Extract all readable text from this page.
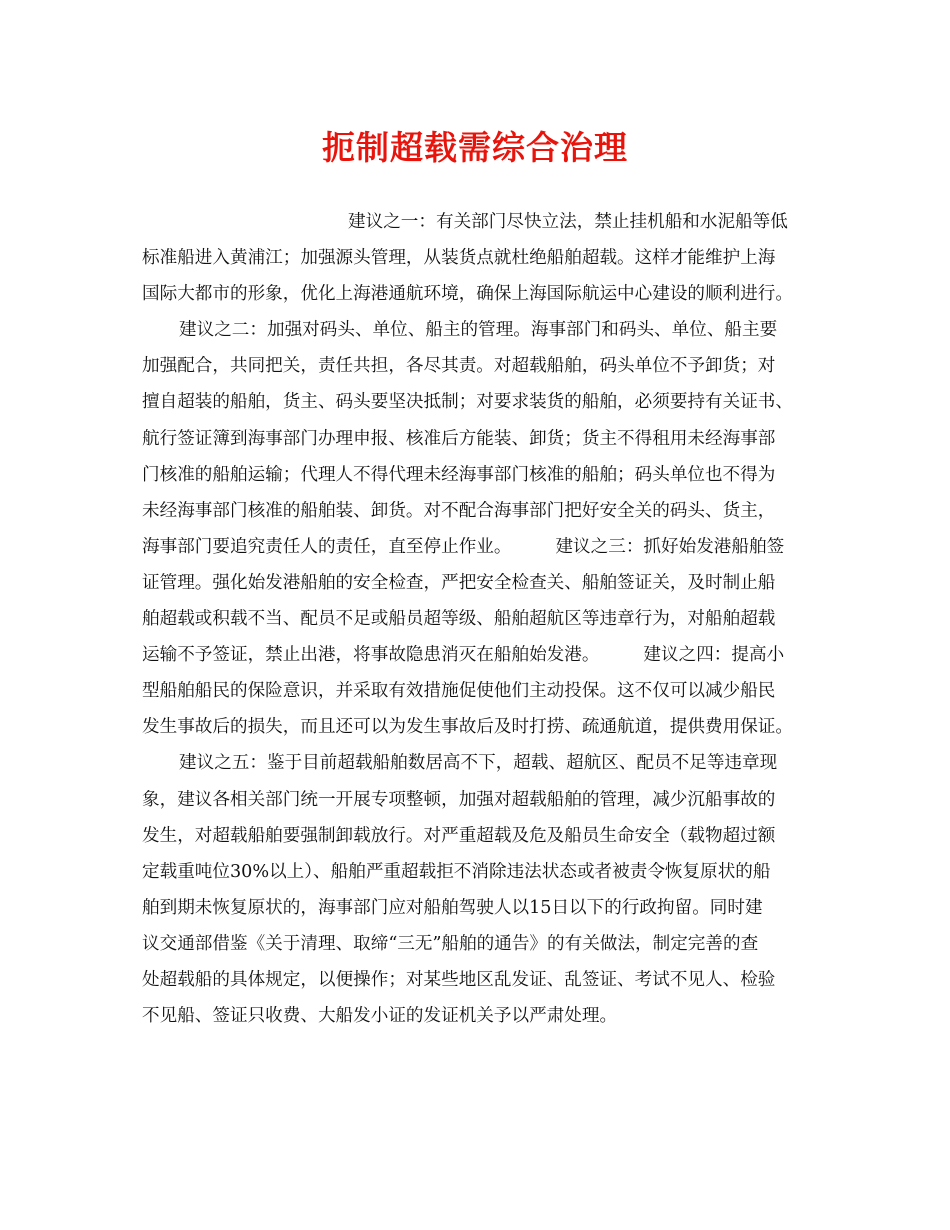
扼制超载需综合治理
建议之一：有关部门尽快立法，禁止挂机船和水泥船等低
标准船进入黄浦江；加强源头管理，从装货点就杜绝船舶超载。这样才能维护上海
国际大都市的形象，优化上海港通航环境，确保上海国际航运中心建设的顺利进行。
建议之二：加强对码头、单位、船主的管理。海事部门和码头、单位、船主要
加强配合，共同把关，责任共担，各尽其责。对超载船舶，码头单位不予卸货；对
擅自超装的船舶，货主、码头要坚决抵制；对要求装货的船舶，必须要持有关证书、
航行签证簿到海事部门办理申报、核准后方能装、卸货；货主不得租用未经海事部
门核准的船舶运输；代理人不得代理未经海事部门核准的船舶；码头单位也不得为
未经海事部门核准的船舶装、卸货。对不配合海事部门把好安全关的码头、货主，
海事部门要追究责任人的责任，直至停止作业。　　　建议之三：抓好始发港船舶签
证管理。强化始发港船舶的安全检查，严把安全检查关、船舶签证关，及时制止船
舶超载或积载不当、配员不足或船员超等级、船舶超航区等违章行为，对船舶超载
运输不予签证，禁止出港，将事故隐患消灭在船舶始发港。　　　建议之四：提高小
型船舶船民的保险意识，并采取有效措施促使他们主动投保。这不仅可以减少船民
发生事故后的损失，而且还可以为发生事故后及时打捞、疏通航道，提供费用保证。
建议之五：鉴于目前超载船舶数居高不下，超载、超航区、配员不足等违章现
象，建议各相关部门统一开展专项整顿，加强对超载船舶的管理，减少沉船事故的
发生，对超载船舶要强制卸载放行。对严重超载及危及船员生命安全（载物超过额
定载重吨位30%以上）、船舶严重超载拒不消除违法状态或者被责令恢复原状的船
舶到期未恢复原状的，海事部门应对船舶驾驶人以15日以下的行政拘留。同时建
议交通部借鉴《关于清理、取缔“三无”船舶的通告》的有关做法，制定完善的查
处超载船的具体规定，以便操作；对某些地区乱发证、乱签证、考试不见人、检验
不见船、签证只收费、大船发小证的发证机关予以严肃处理。
